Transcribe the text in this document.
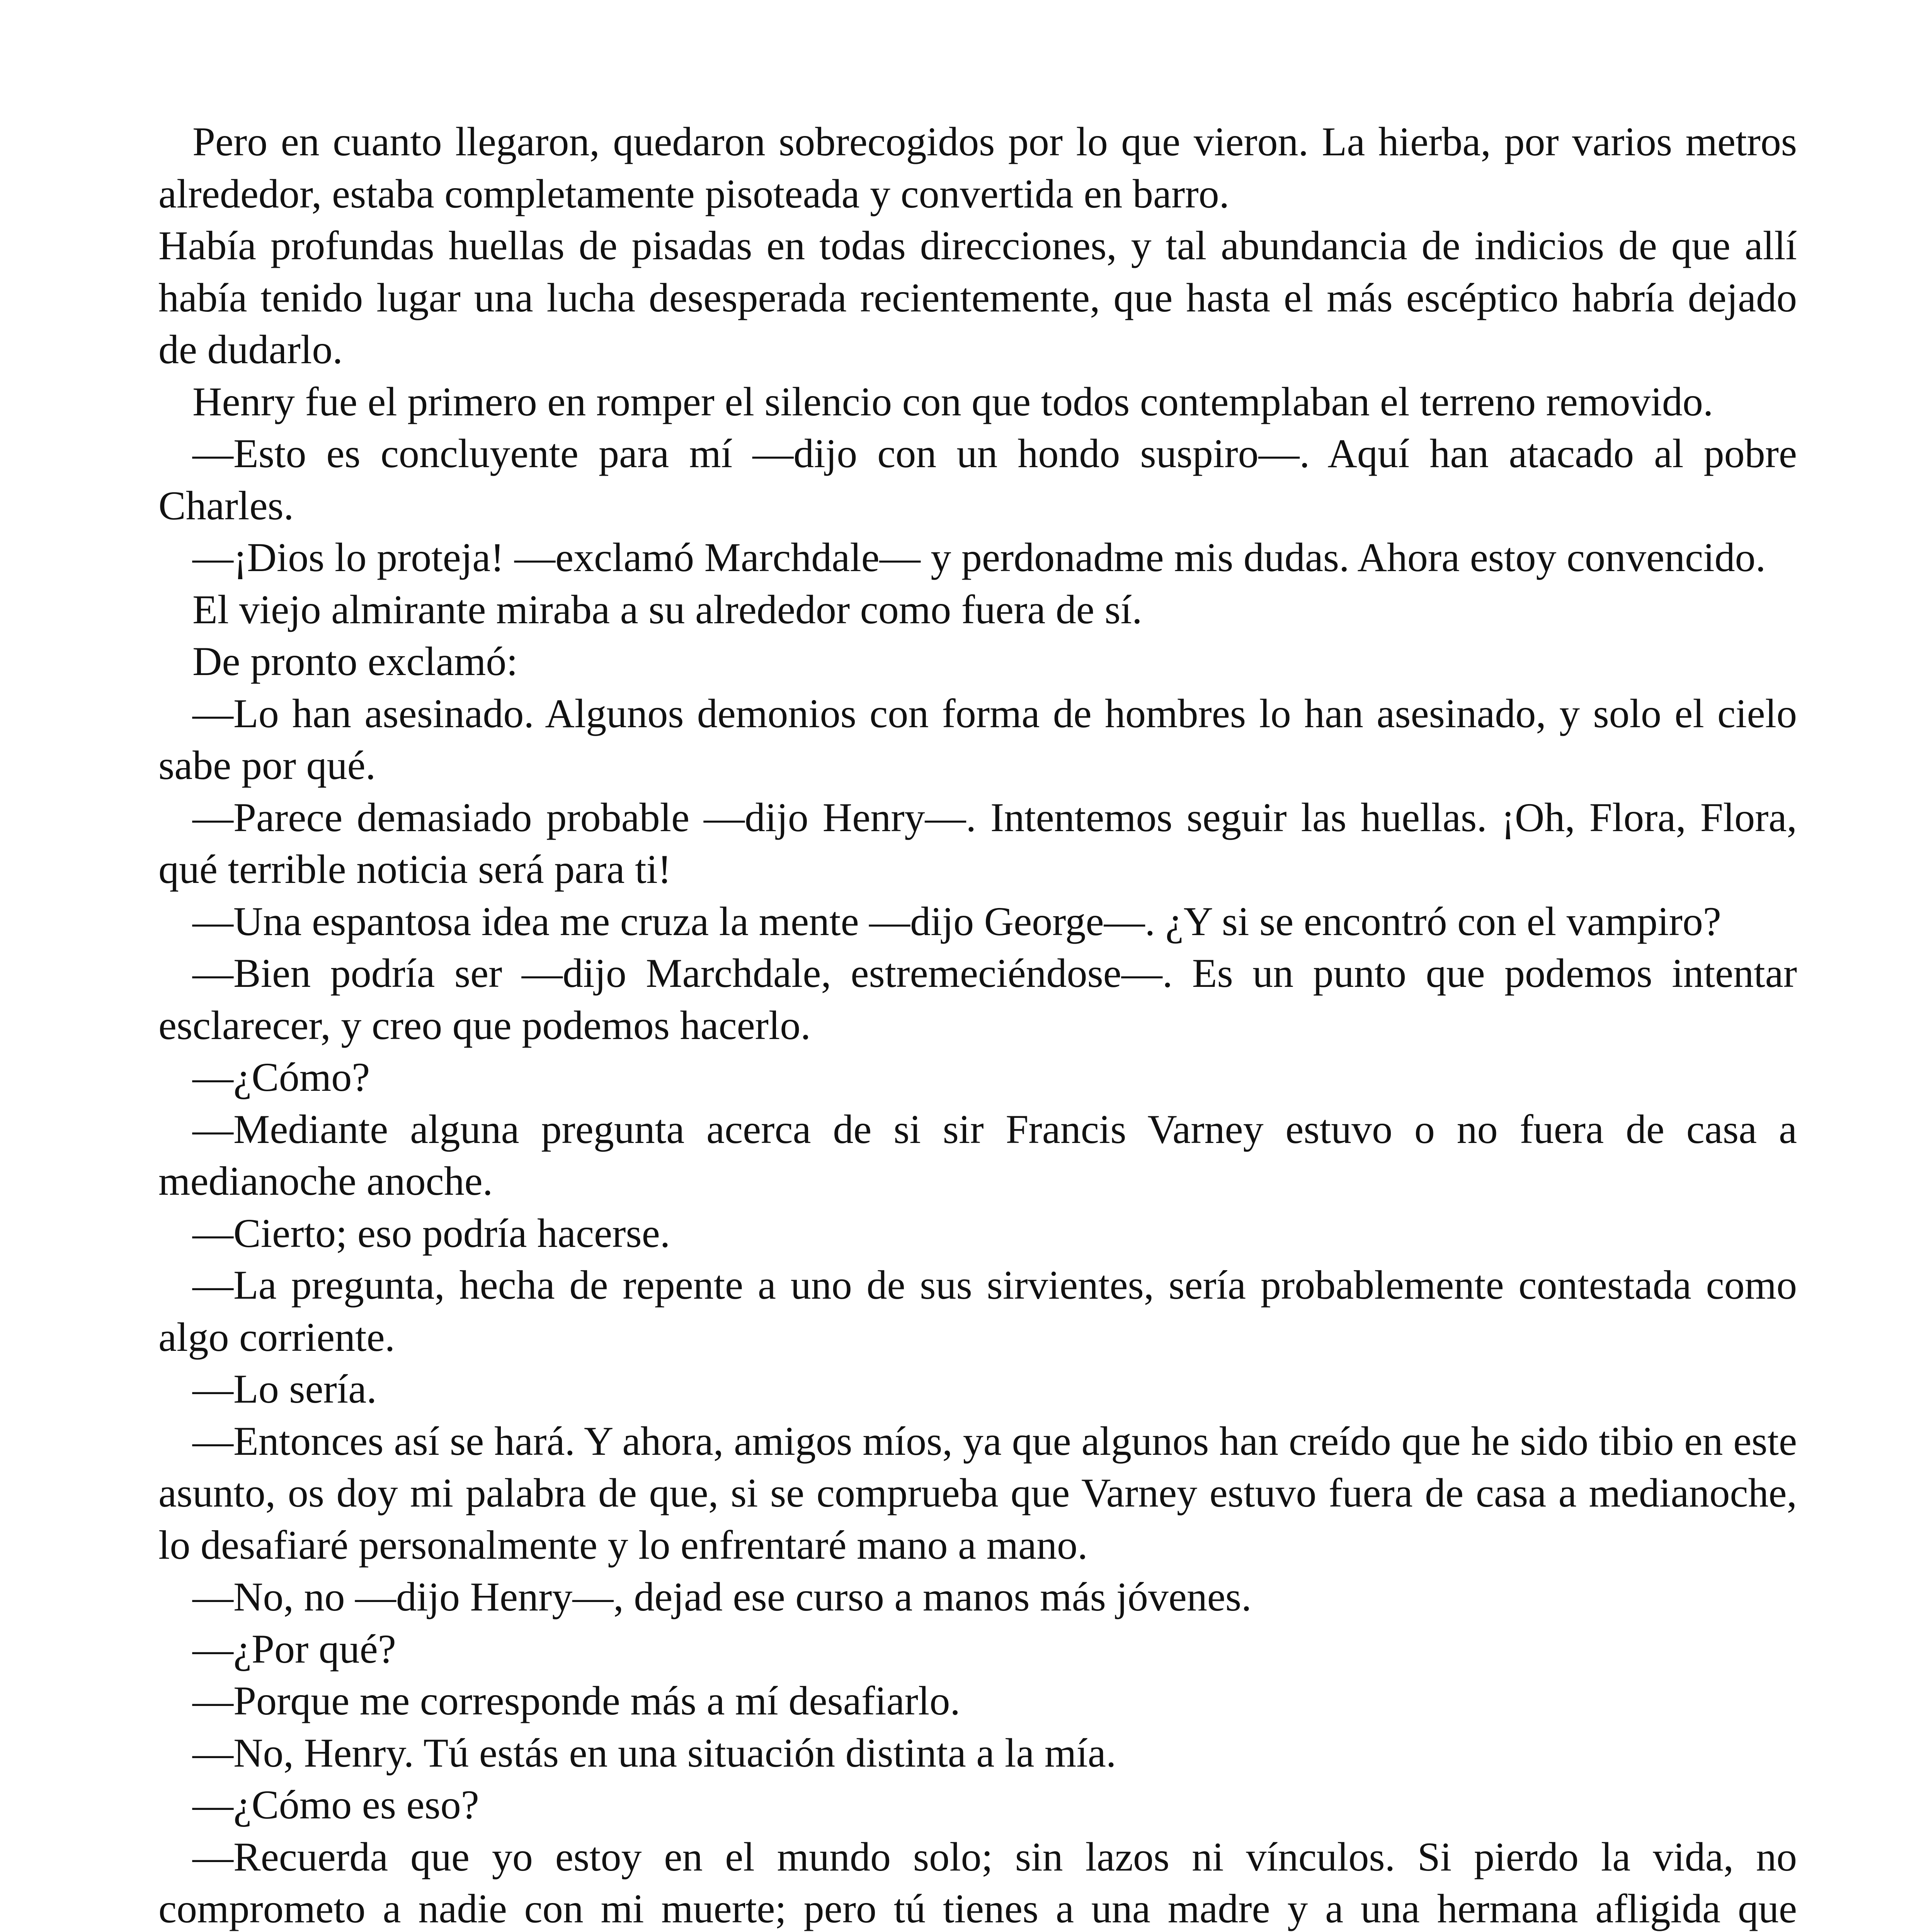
Pero en cuanto llegaron, quedaron sobrecogidos por lo que vieron. La hierba, por varios metros alrededor, estaba completamente pisoteada y convertida en barro.

Había profundas huellas de pisadas en todas direcciones, y tal abundancia de indicios de que allí había tenido lugar una lucha desesperada recientemente, que hasta el más escéptico habría dejado de dudarlo.

Henry fue el primero en romper el silencio con que todos contemplaban el terreno removido.

—Esto es concluyente para mí —dijo con un hondo suspiro—. Aquí han atacado al pobre Charles.

—¡Dios lo proteja! —exclamó Marchdale— y perdonadme mis dudas. Ahora estoy convencido.

El viejo almirante miraba a su alrededor como fuera de sí.

De pronto exclamó:

—Lo han asesinado. Algunos demonios con forma de hombres lo han asesinado, y solo el cielo sabe por qué.

—Parece demasiado probable —dijo Henry—. Intentemos seguir las huellas. ¡Oh, Flora, Flora, qué terrible noticia será para ti!

—Una espantosa idea me cruza la mente —dijo George—. ¿Y si se encontró con el vampiro?

—Bien podría ser —dijo Marchdale, estremeciéndose—. Es un punto que podemos intentar esclarecer, y creo que podemos hacerlo.

—¿Cómo?

—Mediante alguna pregunta acerca de si sir Francis Varney estuvo o no fuera de casa a medianoche anoche.

—Cierto; eso podría hacerse.

—La pregunta, hecha de repente a uno de sus sirvientes, sería probablemente contestada como algo corriente.

—Lo sería.

—Entonces así se hará. Y ahora, amigos míos, ya que algunos han creído que he sido tibio en este asunto, os doy mi palabra de que, si se comprueba que Varney estuvo fuera de casa a medianoche, lo desafiaré personalmente y lo enfrentaré mano a mano.

—No, no —dijo Henry—, dejad ese curso a manos más jóvenes.

—¿Por qué?

—Porque me corresponde más a mí desafiarlo.

—No, Henry. Tú estás en una situación distinta a la mía.

—¿Cómo es eso?

—Recuerda que yo estoy en el mundo solo; sin lazos ni vínculos. Si pierdo la vida, no comprometo a nadie con mi muerte; pero tú tienes a una madre y a una hermana afligida que
